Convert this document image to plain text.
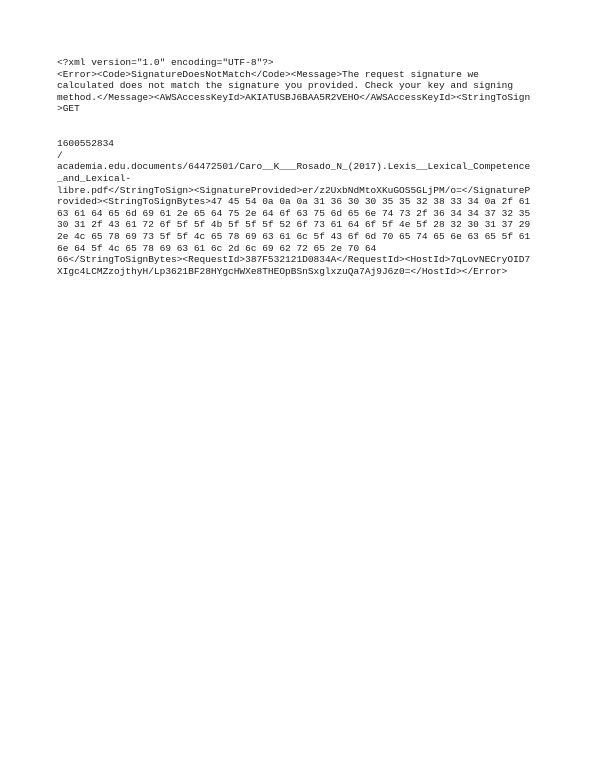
<?xml version="1.0" encoding="UTF-8"?>
<Error><Code>SignatureDoesNotMatch</Code><Message>The request signature we
calculated does not match the signature you provided. Check your key and signing
method.</Message><AWSAccessKeyId>AKIATUSBJ6BAA5R2VEHO</AWSAccessKeyId><StringToSign
>GET

1600552834
/
academia.edu.documents/64472501/Caro__K___Rosado_N_(2017).Lexis__Lexical_Competence
_and_Lexical-
libre.pdf</StringToSign><SignatureProvided>er/z2UxbNdMtoXKuGOS5GLjPM/o=</SignatureP
rovided><StringToSignBytes>47 45 54 0a 0a 0a 31 36 30 30 35 35 32 38 33 34 0a 2f 61
63 61 64 65 6d 69 61 2e 65 64 75 2e 64 6f 63 75 6d 65 6e 74 73 2f 36 34 34 37 32 35
30 31 2f 43 61 72 6f 5f 5f 4b 5f 5f 5f 52 6f 73 61 64 6f 5f 4e 5f 28 32 30 31 37 29
2e 4c 65 78 69 73 5f 5f 4c 65 78 69 63 61 6c 5f 43 6f 6d 70 65 74 65 6e 63 65 5f 61
6e 64 5f 4c 65 78 69 63 61 6c 2d 6c 69 62 72 65 2e 70 64
66</StringToSignBytes><RequestId>387F532121D0834A</RequestId><HostId>7qLovNECryOID7
XIgc4LCMZzojthyH/Lp3621BF28HYgcHWXe8THEOpBSnSxglxzuQa7Aj9J6z0=</HostId></Error>
